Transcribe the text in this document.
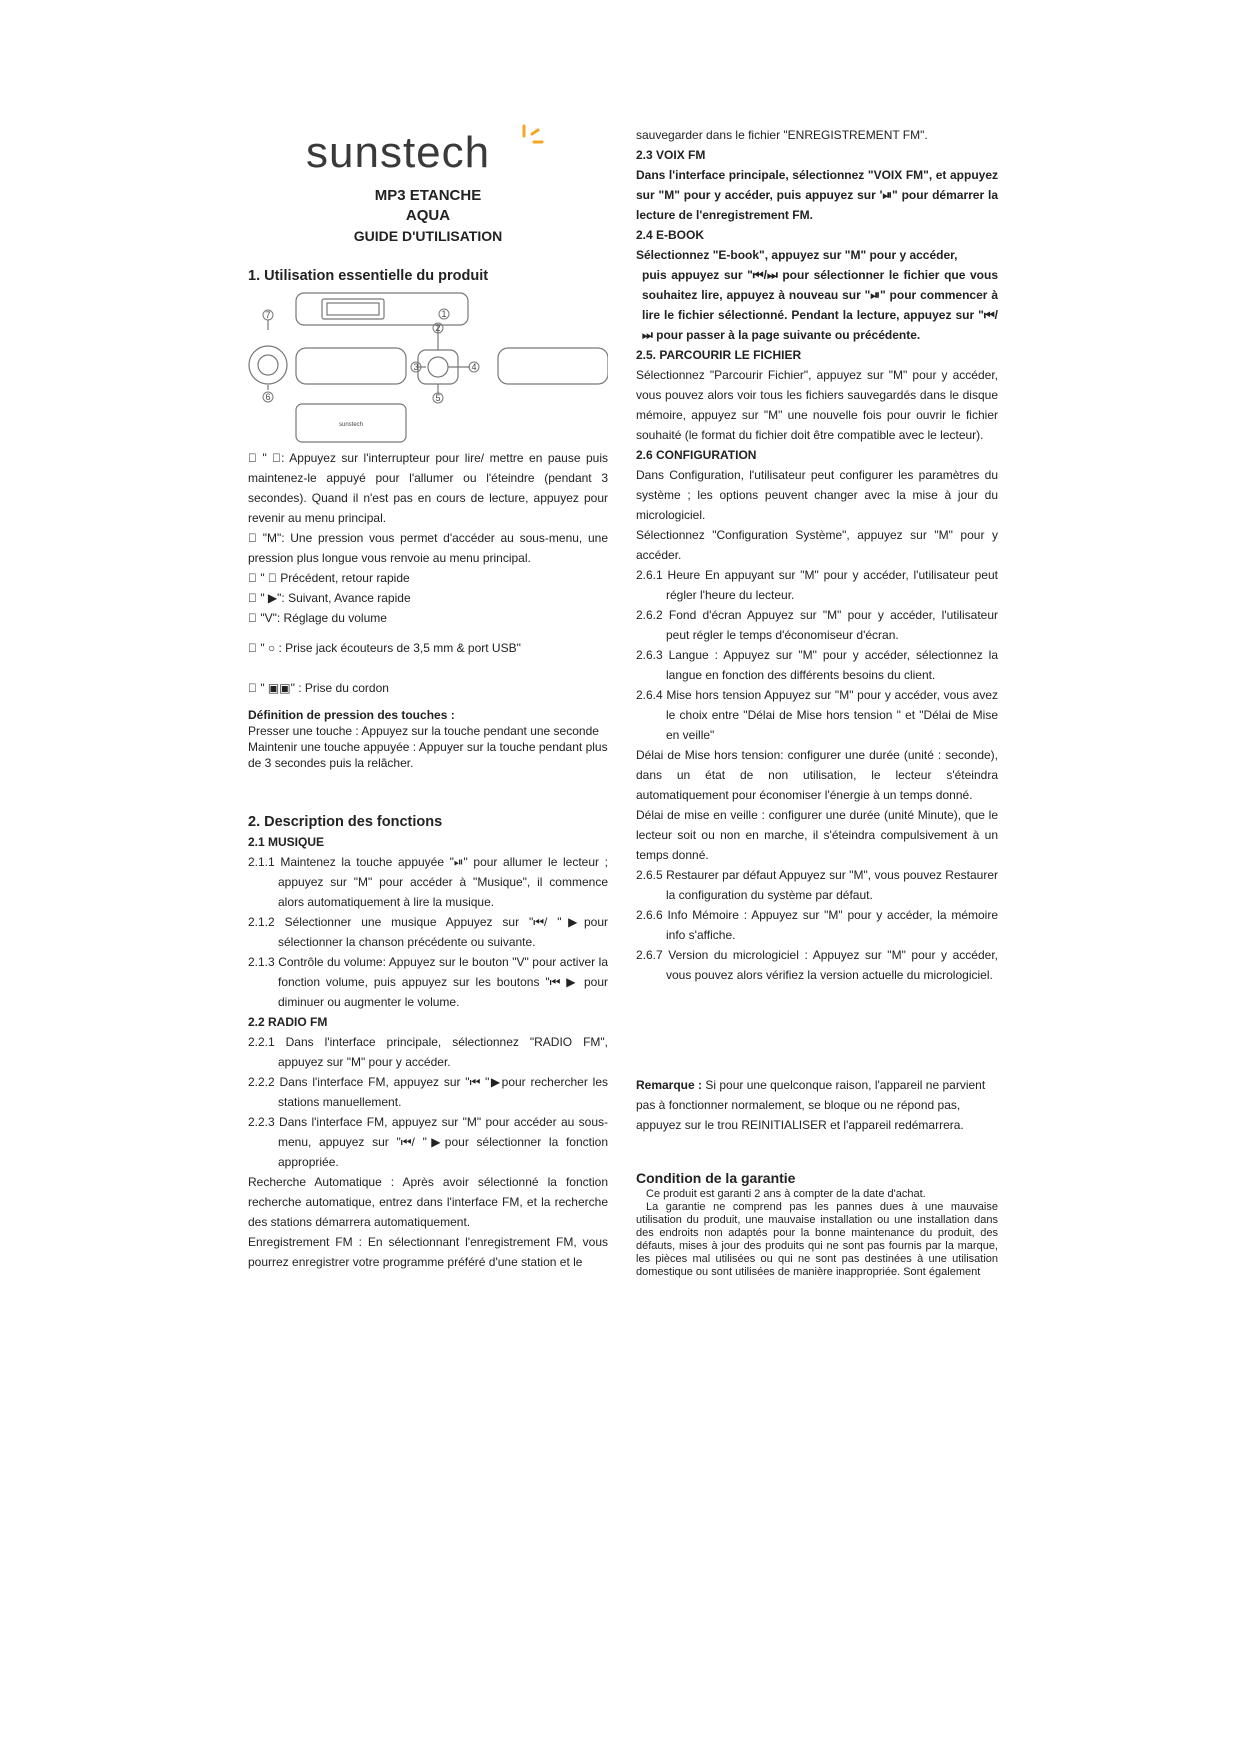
sunstech
MP3 ETANCHE
AQUA
GUIDE D'UTILISATION
1. Utilisation essentielle du produit
7
6
1
2
3	4
5
sunstech

  " ⏯: Appuyez sur l'interrupteur pour lire/ mettre en pause puis maintenez-le appuyé pour l'allumer ou l'éteindre (pendant 3 secondes). Quand il n'est pas en cours de lecture, appuyez pour revenir au menu principal.

  "M": Une pression vous permet d'accéder au sous-menu, une pression plus longue vous renvoie au menu principal.

  " ⏮ Précédent, retour rapide

  " ▶": Suivant, Avance rapide

  "V": Réglage du volume

  " ○ : Prise jack écouteurs de 3,5 mm & port USB"

  " ▣▣" : Prise du cordon

Définition de pression des touches :

Presser une touche : Appuyez sur la touche pendant une seconde

Maintenir une touche appuyée : Appuyer sur la touche pendant plus de 3 secondes puis la relâcher.

2. Description des fonctions

2.1 MUSIQUE

2.1.1 Maintenez la touche appuyée "⏯" pour allumer le lecteur ; appuyez sur "M" pour accéder à "Musique", il commence alors automatiquement à lire la musique.

2.1.2 Sélectionner une musique Appuyez sur "⏮/ "▶pour sélectionner la chanson précédente ou suivante.

2.1.3 Contrôle du volume: Appuyez sur le bouton "V" pour activer la fonction volume, puis appuyez sur les boutons "⏮ ▶ pour diminuer ou augmenter le volume.

2.2 RADIO FM

2.2.1 Dans l'interface principale, sélectionnez "RADIO FM", appuyez sur "M" pour y accéder.

2.2.2 Dans l'interface FM, appuyez sur "⏮ "▶pour rechercher les stations manuellement.

2.2.3 Dans l'interface FM, appuyez sur "M" pour accéder au sous-menu, appuyez sur "⏮/ "▶pour sélectionner la fonction appropriée.

Recherche Automatique : Après avoir sélectionné la fonction recherche automatique, entrez dans l'interface FM, et la recherche des stations démarrera automatiquement.

Enregistrement FM : En sélectionnant l'enregistrement FM, vous pourrez enregistrer votre programme préféré d'une station et le

sauvegarder dans le fichier "ENREGISTREMENT FM".

2.3 VOIX FM

Dans l'interface principale, sélectionnez "VOIX FM", et appuyez sur "M" pour y accéder, puis appuyez sur '⏯" pour démarrer la lecture de l'enregistrement FM.

2.4 E-BOOK

Sélectionnez "E-book", appuyez sur "M" pour y accéder,

puis appuyez sur "⏮/⏭ pour sélectionner le fichier que vous souhaitez lire, appuyez à nouveau sur "⏯" pour commencer à lire le fichier sélectionné. Pendant la lecture, appuyez sur "⏮/⏭ pour passer à la page suivante ou précédente.

2.5. PARCOURIR LE FICHIER

Sélectionnez "Parcourir Fichier", appuyez sur "M" pour y accéder, vous pouvez alors voir tous les fichiers sauvegardés dans le disque mémoire, appuyez sur "M" une nouvelle fois pour ouvrir le fichier souhaité (le format du fichier doit être compatible avec le lecteur).

2.6 CONFIGURATION

Dans Configuration, l'utilisateur peut configurer les paramètres du système ; les options peuvent changer avec la mise à jour du micrologiciel.

Sélectionnez "Configuration Système", appuyez sur "M" pour y accéder.

2.6.1 Heure En appuyant sur "M" pour y accéder, l'utilisateur peut régler l'heure du lecteur.

2.6.2 Fond d'écran Appuyez sur "M" pour y accéder, l'utilisateur peut régler le temps d'économiseur d'écran.

2.6.3 Langue : Appuyez sur "M" pour y accéder, sélectionnez la langue en fonction des différents besoins du client.

2.6.4 Mise hors tension Appuyez sur "M" pour y accéder, vous avez le choix entre "Délai de Mise hors tension " et "Délai de Mise en veille"

Délai de Mise hors tension: configurer une durée (unité : seconde), dans un état de non utilisation, le lecteur s'éteindra automatiquement pour économiser l'énergie à un temps donné.

Délai de mise en veille : configurer une durée (unité Minute), que le lecteur soit ou non en marche, il s'éteindra compulsivement à un temps donné.

2.6.5 Restaurer par défaut Appuyez sur "M", vous pouvez Restaurer la configuration du système par défaut.

2.6.6 Info Mémoire : Appuyez sur "M" pour y accéder, la mémoire info s'affiche.

2.6.7 Version du micrologiciel : Appuyez sur "M" pour y accéder, vous pouvez alors vérifiez la version actuelle du micrologiciel.

Remarque : Si pour une quelconque raison, l'appareil ne parvient pas à fonctionner normalement, se bloque ou ne répond pas, appuyez sur le trou REINITIALISER et l'appareil redémarrera.
Condition de la garantie

Ce produit est garanti 2 ans à compter de la date d'achat.

La garantie ne comprend pas les pannes dues à une mauvaise utilisation du produit, une mauvaise installation ou une installation dans des endroits non adaptés pour la bonne maintenance du produit, des défauts, mises à jour des produits qui ne sont pas fournis par la marque, les pièces mal utilisées ou qui ne sont pas destinées à une utilisation domestique ou sont utilisées de manière inappropriée. Sont également
